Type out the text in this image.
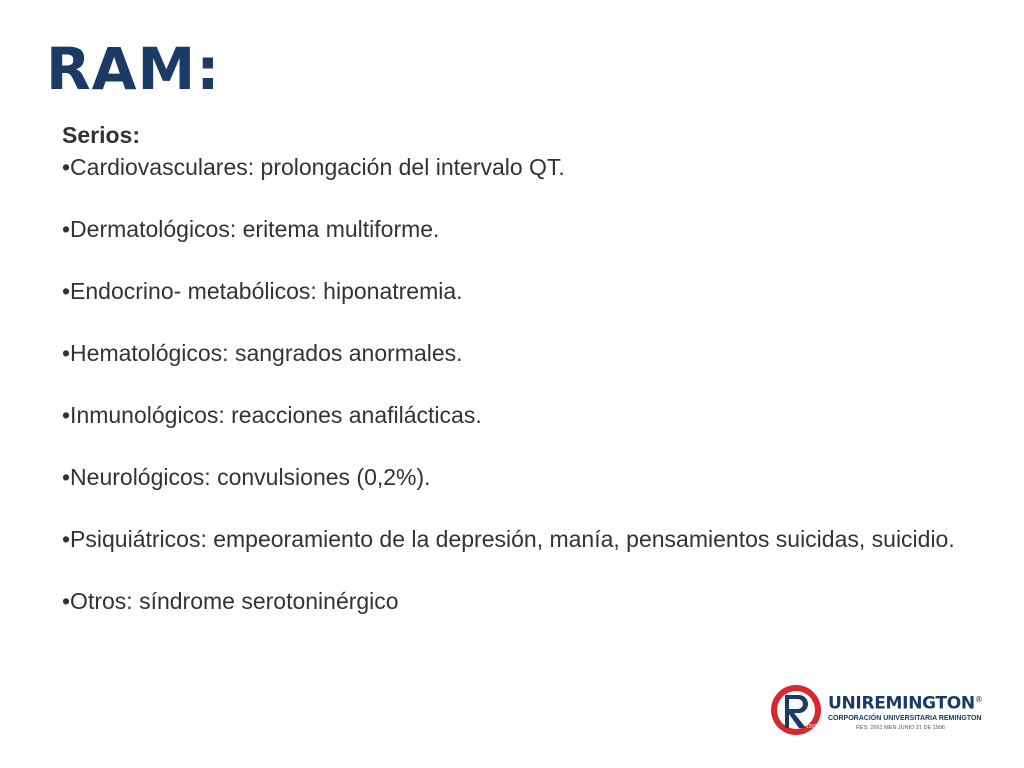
RAM:
Serios:
•Cardiovasculares: prolongación del intervalo QT.
•Dermatológicos: eritema multiforme.
•Endocrino- metabólicos: hiponatremia.
•Hematológicos: sangrados anormales.
•Inmunológicos: reacciones anafilácticas.
•Neurológicos: convulsiones (0,2%).
•Psiquiátricos: empeoramiento de la depresión, manía, pensamientos suicidas, suicidio.
•Otros: síndrome serotoninérgico
1915
UNIREMINGTON®
CORPORACIÓN UNIVERSITARIA REMINGTON
RES. 2661 MEN JUNIO 21 DE 1996
